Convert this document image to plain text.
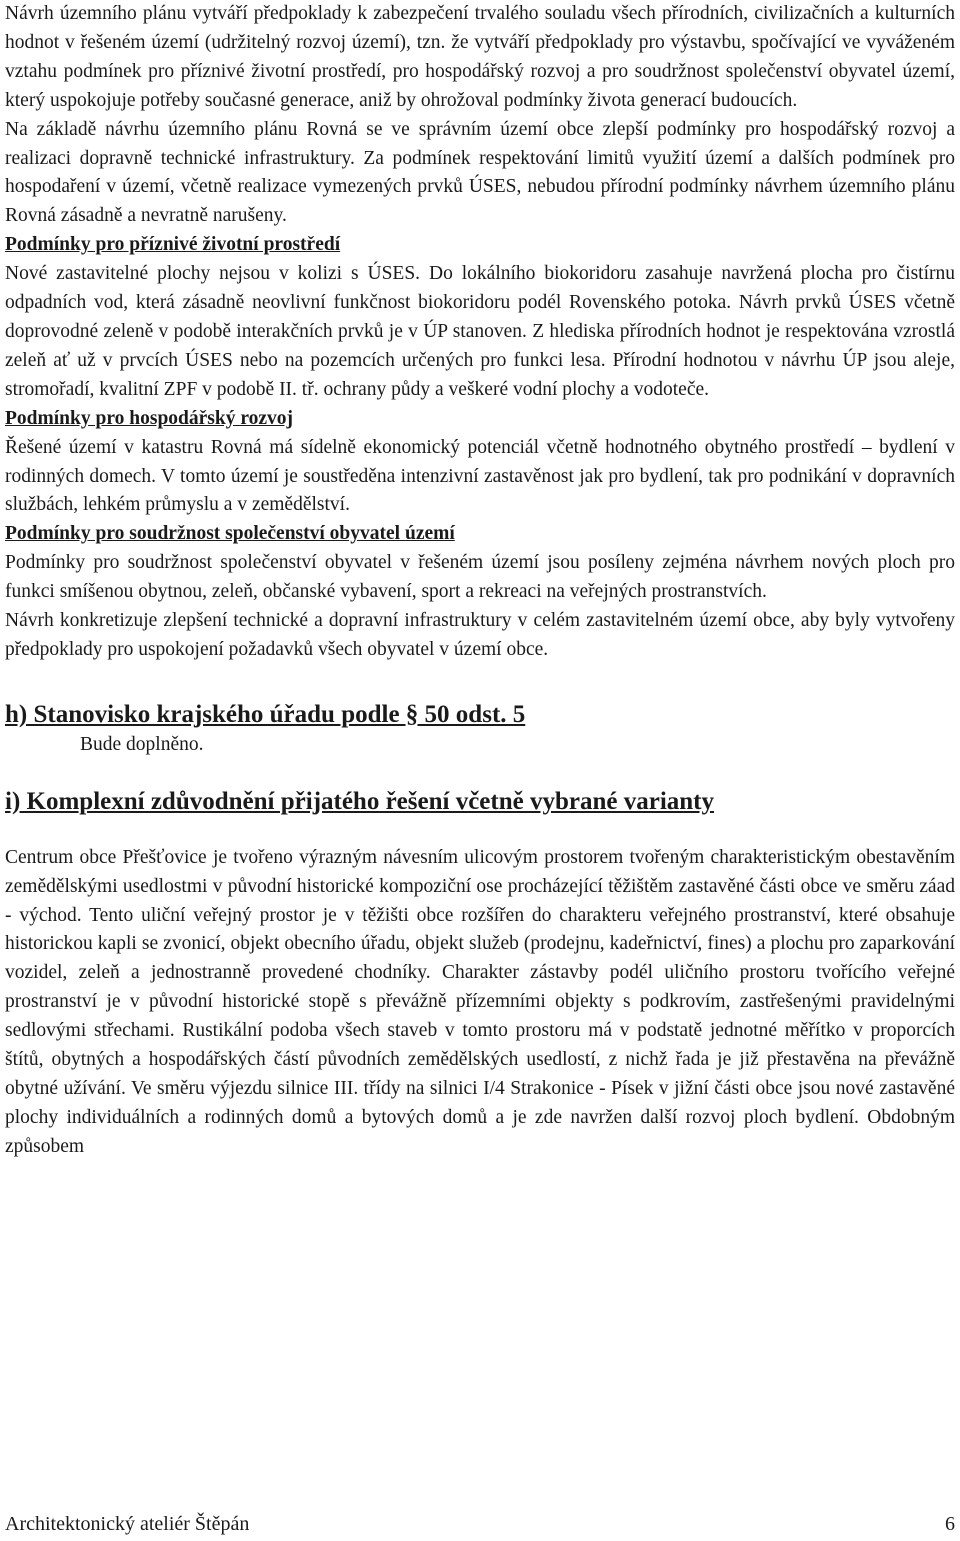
Návrh územního plánu vytváří předpoklady k zabezpečení trvalého souladu všech přírodních, civilizačních a kulturních hodnot v řešeném území (udržitelný rozvoj území), tzn. že vytváří předpoklady pro výstavbu, spočívající ve vyváženém vztahu podmínek pro příznivé životní prostředí, pro hospodářský rozvoj a pro soudržnost společenství obyvatel území, který uspokojuje potřeby současné generace, aniž by ohrožoval podmínky života generací budoucích.

Na základě návrhu územního plánu Rovná se ve správním území obce zlepší podmínky pro hospodářský rozvoj a realizaci dopravně technické infrastruktury. Za podmínek respektování limitů využití území a dalších podmínek pro hospodaření v území, včetně realizace vymezených prvků ÚSES, nebudou přírodní podmínky návrhem územního plánu Rovná zásadně a nevratně narušeny.

Podmínky pro příznivé životní prostředí

Nové zastavitelné plochy nejsou v kolizi s ÚSES. Do lokálního biokoridoru zasahuje navržená plocha pro čistírnu odpadních vod, která zásadně neovlivní funkčnost biokoridoru podél Rovenského potoka. Návrh prvků ÚSES včetně doprovodné zeleně v podobě interakčních prvků je v ÚP stanoven. Z hlediska přírodních hodnot je respektována vzrostlá zeleň ať už v prvcích ÚSES nebo na pozemcích určených pro funkci lesa. Přírodní hodnotou v návrhu ÚP jsou aleje, stromořadí, kvalitní ZPF v podobě II. tř. ochrany půdy a veškeré vodní plochy a vodoteče.

Podmínky pro hospodářský rozvoj

Řešené území v katastru Rovná má sídelně ekonomický potenciál včetně hodnotného obytného prostředí – bydlení v rodinných domech. V tomto území je soustředěna intenzivní zastavěnost jak pro bydlení, tak pro podnikání v dopravních službách, lehkém průmyslu a v zemědělství.

Podmínky pro soudržnost společenství obyvatel území

Podmínky pro soudržnost společenství obyvatel v řešeném území jsou posíleny zejména návrhem nových ploch pro funkci smíšenou obytnou, zeleň, občanské vybavení, sport a rekreaci na veřejných prostranstvích.

Návrh konkretizuje zlepšení technické a dopravní infrastruktury v celém zastavitelném území obce, aby byly vytvořeny předpoklady pro uspokojení požadavků všech obyvatel v území obce.

h) Stanovisko krajského úřadu podle § 50 odst. 5

Bude doplněno.

i) Komplexní zdůvodnění přijatého řešení včetně vybrané varianty

Centrum obce Přešťovice je tvořeno výrazným návesním ulicovým prostorem tvořeným charakteristickým obestavěním zemědělskými usedlostmi v původní historické kompoziční ose procházející těžištěm zastavěné části obce ve směru záad - východ. Tento uliční veřejný prostor je v těžišti obce rozšířen do charakteru veřejného prostranství, které obsahuje historickou kapli se zvonicí, objekt obecního úřadu, objekt služeb (prodejnu, kadeřnictví, fines) a plochu pro zaparkování vozidel, zeleň a jednostranně provedené chodníky. Charakter zástavby podél uličního prostoru tvořícího veřejné prostranství je v původní historické stopě s převážně přízemními objekty s podkrovím, zastřešenými pravidelnými sedlovými střechami. Rustikální podoba všech staveb v tomto prostoru má v podstatě jednotné měřítko v proporcích štítů, obytných a hospodářských částí původních zemědělských usedlostí, z nichž řada je již přestavěna na převážně obytné užívání. Ve směru výjezdu silnice III. třídy na silnici I/4 Strakonice - Písek v jižní části obce jsou nové zastavěné plochy individuálních a rodinných domů a bytových domů a je zde navržen další rozvoj ploch bydlení. Obdobným způsobem

Architektonický ateliér Štěpán	6
